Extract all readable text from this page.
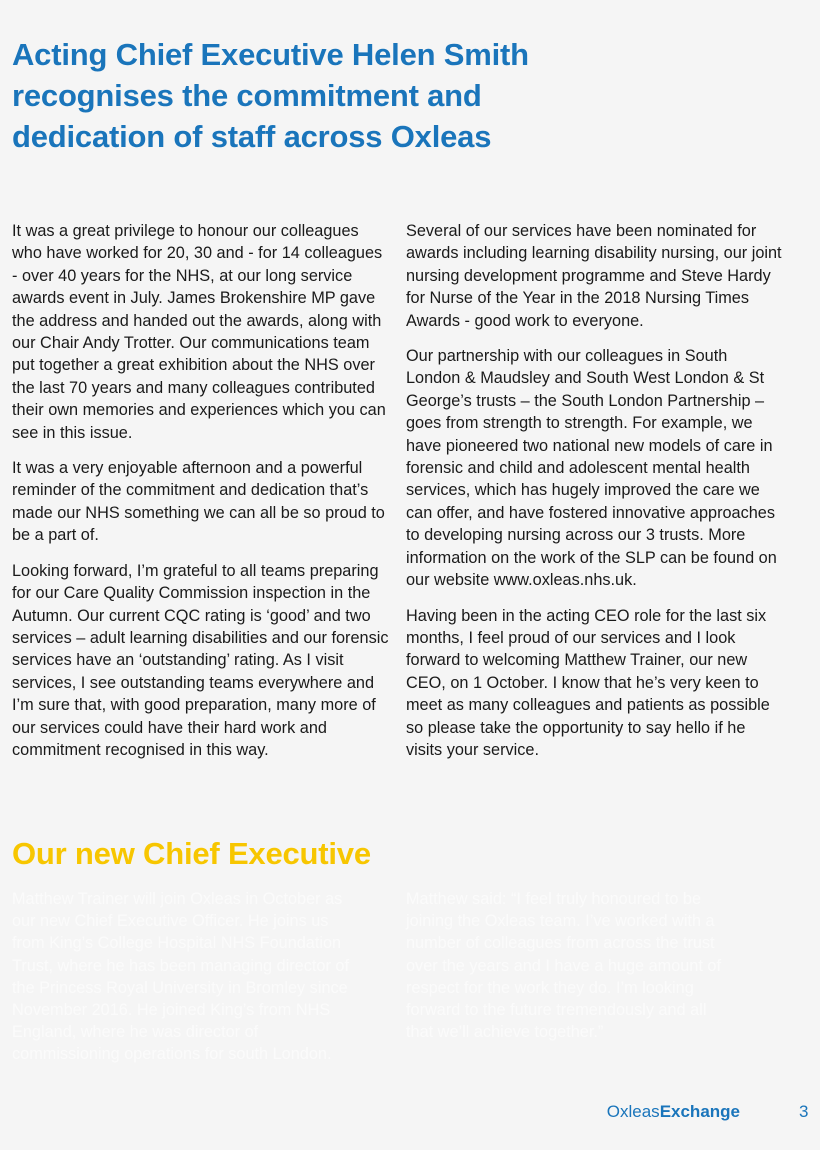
Acting Chief Executive Helen Smith recognises the commitment and dedication of staff across Oxleas

It was a great privilege to honour our colleagues who have worked for 20, 30 and - for 14 colleagues - over 40 years for the NHS, at our long service awards event in July. James Brokenshire MP gave the address and handed out the awards, along with our Chair Andy Trotter. Our communications team put together a great exhibition about the NHS over the last 70 years and many colleagues contributed their own memories and experiences which you can see in this issue.

It was a very enjoyable afternoon and a powerful reminder of the commitment and dedication that’s made our NHS something we can all be so proud to be a part of.

Looking forward, I’m grateful to all teams preparing for our Care Quality Commission inspection in the Autumn. Our current CQC rating is ‘good’ and two services – adult learning disabilities and our forensic services have an ‘outstanding’ rating. As I visit services, I see outstanding teams everywhere and I’m sure that, with good preparation, many more of our services could have their hard work and commitment recognised in this way.

Several of our services have been nominated for awards including learning disability nursing, our joint nursing development programme and Steve Hardy for Nurse of the Year in the 2018 Nursing Times Awards - good work to everyone.

Our partnership with our colleagues in South London & Maudsley and South West London & St George’s trusts – the South London Partnership – goes from strength to strength. For example, we have pioneered two national new models of care in forensic and child and adolescent mental health services, which has hugely improved the care we can offer, and have fostered innovative approaches to developing nursing across our 3 trusts. More information on the work of the SLP can be found on our website www.oxleas.nhs.uk.

Having been in the acting CEO role for the last six months, I feel proud of our services and I look forward to welcoming Matthew Trainer, our new CEO, on 1 October. I know that he’s very keen to meet as many colleagues and patients as possible so please take the opportunity to say hello if he visits your service.

Our new Chief Executive

Matthew Trainer will join Oxleas in October as our new Chief Executive Officer. He joins us from King’s College Hospital NHS Foundation Trust, where he has been managing director of the Princess Royal University in Bromley since November 2016. He joined King’s from NHS England, where he was director of commissioning operations for south London.

Matthew said: “I feel truly honoured to be joining the Oxleas team. I’ve worked with a number of colleagues from across the trust over the years and I have a huge amount of respect for the work they do. I’m looking forward to the future tremendously and all that we’ll achieve together.”

OxleasExchange	3
